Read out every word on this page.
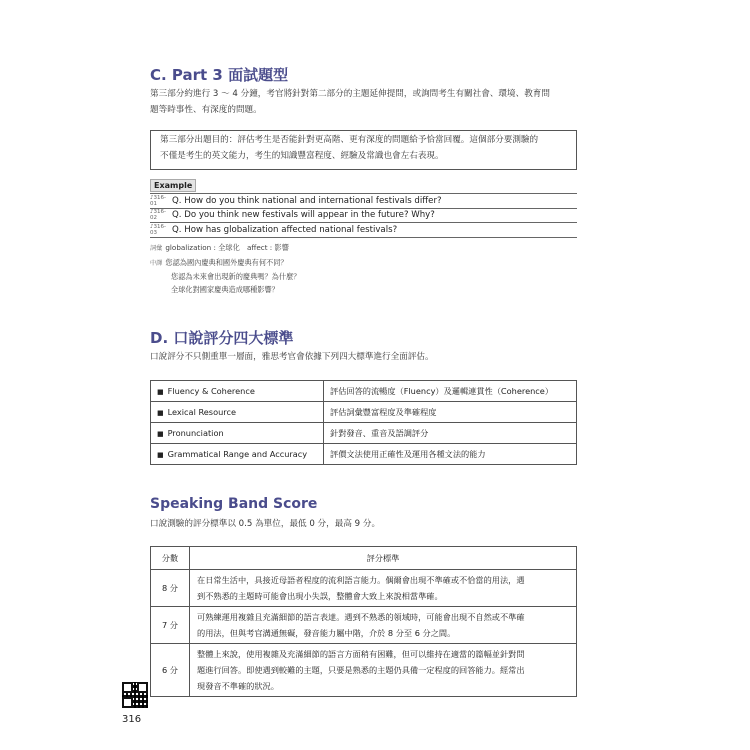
C. Part 3 面試題型
第三部分約進行 3 ～ 4 分鐘，考官將針對第二部分的主題延伸提問，或詢問考生有關社會、環境、教育問
題等時事性、有深度的問題。
第三部分出題目的：評估考生是否能針對更高階、更有深度的問題給予恰當回覆。這個部分要測驗的
不僅是考生的英文能力，考生的知識豐富程度、經驗及常識也會左右表現。
Example
♪316-01	Q. How do you think national and international festivals differ?
♪316-02	Q. Do you think new festivals will appear in the future? Why?
♪316-03	Q. How has globalization affected national festivals?
詞彙 globalization : 全球化　affect : 影響
中譯 您認為國內慶典和國外慶典有何不同？
您認為未來會出現新的慶典嗎？為什麼？
全球化對國家慶典造成哪種影響？
D. 口說評分四大標準
口說評分不只側重單一層面，雅思考官會依據下列四大標準進行全面評估。
■ Fluency & Coherence	評估回答的流暢度（Fluency）及邏輯連貫性（Coherence）
■ Lexical Resource	評估詞彙豐富程度及準確程度
■ Pronunciation	針對發音、重音及語調評分
■ Grammatical Range and Accuracy	評價文法使用正確性及運用各種文法的能力
Speaking Band Score
口說測驗的評分標準以 0.5 為單位，最低 0 分，最高 9 分。
分數	評分標準
8 分	在日常生活中，具接近母語者程度的流利語言能力。偶爾會出現不準確或不恰當的用法，遇
到不熟悉的主題時可能會出現小失誤，整體會大致上來說相當準確。

7 分	可熟練運用複雜且充滿細節的語言表達。遇到不熟悉的領域時，可能會出現不自然或不準確
的用法，但與考官溝通無礙，發音能力屬中階，介於 8 分至 6 分之間。

6 分	整體上來說，使用複雜及充滿細節的語言方面稍有困難，但可以維持在適當的篇幅並針對問
題進行回答。即使遇到較難的主題，只要是熟悉的主題仍具備一定程度的回答能力。經常出
現發音不準確的狀況。
316
